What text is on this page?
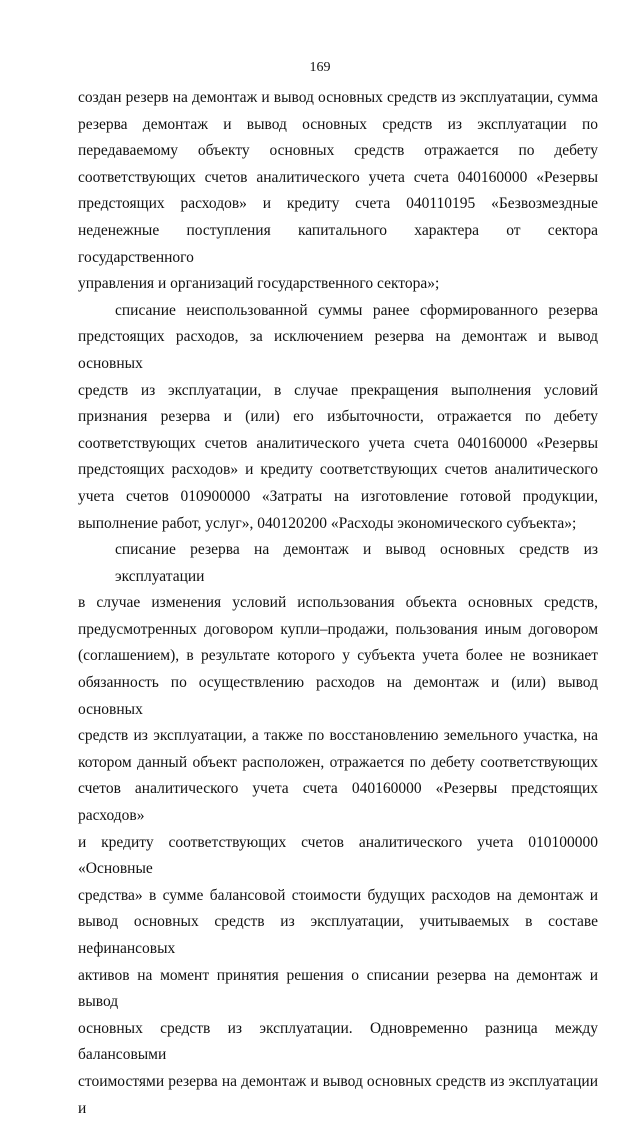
169

создан резерв на демонтаж и вывод основных средств из эксплуатации, сумма
резерва демонтаж и вывод основных средств из эксплуатации по
передаваемому объекту основных средств отражается по дебету
соответствующих счетов аналитического учета счета 040160000 «Резервы
предстоящих расходов» и кредиту счета 040110195 «Безвозмездные
неденежные поступления капитального характера от сектора государственного
управления и организаций государственного сектора»;

списание неиспользованной суммы ранее сформированного резерва
предстоящих расходов, за исключением резерва на демонтаж и вывод основных
средств из эксплуатации, в случае прекращения выполнения условий
признания резерва и (или) его избыточности, отражается по дебету
соответствующих счетов аналитического учета счета 040160000 «Резервы
предстоящих расходов» и кредиту соответствующих счетов аналитического
учета счетов 010900000 «Затраты на изготовление готовой продукции,
выполнение работ, услуг», 040120200 «Расходы экономического субъекта»;

списание резерва на демонтаж и вывод основных средств из эксплуатации
в случае изменения условий использования объекта основных средств,
предусмотренных договором купли–продажи, пользования иным договором
(соглашением), в результате которого у субъекта учета более не возникает
обязанность по осуществлению расходов на демонтаж и (или) вывод основных
средств из эксплуатации, а также по восстановлению земельного участка, на
котором данный объект расположен, отражается по дебету соответствующих
счетов аналитического учета счета 040160000 «Резервы предстоящих расходов»
и кредиту соответствующих счетов аналитического учета 010100000 «Основные
средства» в сумме балансовой стоимости будущих расходов на демонтаж и
вывод основных средств из эксплуатации, учитываемых в составе нефинансовых
активов на момент принятия решения о списании резерва на демонтаж и вывод
основных средств из эксплуатации. Одновременно разница между балансовыми
стоимостями резерва на демонтаж и вывод основных средств из эксплуатации и
